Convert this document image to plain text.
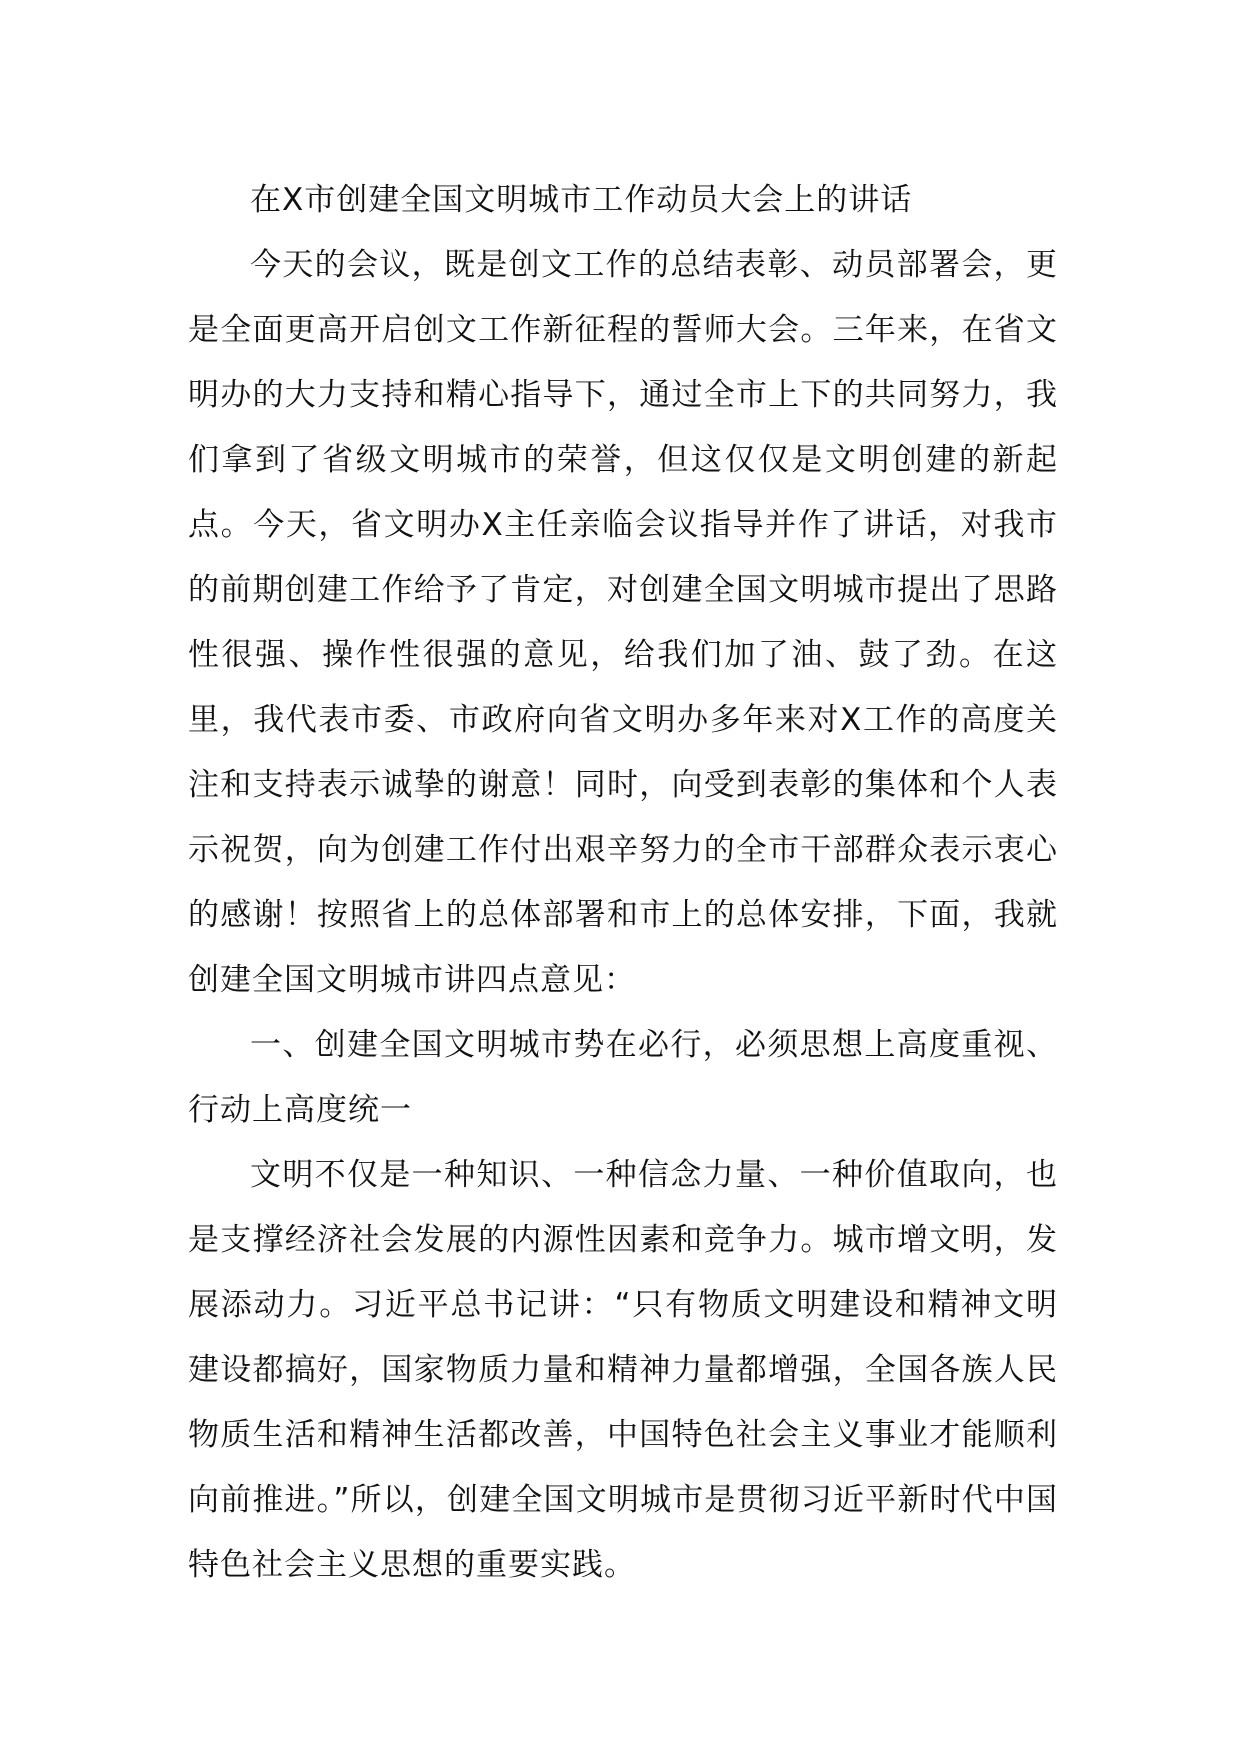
在X市创建全国文明城市工作动员大会上的讲话

今天的会议，既是创文工作的总结表彰、动员部署会，更是全面更高开启创文工作新征程的誓师大会。三年来，在省文明办的大力支持和精心指导下，通过全市上下的共同努力，我们拿到了省级文明城市的荣誉，但这仅仅是文明创建的新起点。今天，省文明办X主任亲临会议指导并作了讲话，对我市的前期创建工作给予了肯定，对创建全国文明城市提出了思路性很强、操作性很强的意见，给我们加了油、鼓了劲。在这里，我代表市委、市政府向省文明办多年来对X工作的高度关注和支持表示诚挚的谢意！同时，向受到表彰的集体和个人表示祝贺，向为创建工作付出艰辛努力的全市干部群众表示衷心的感谢！按照省上的总体部署和市上的总体安排，下面，我就创建全国文明城市讲四点意见：

一、创建全国文明城市势在必行，必须思想上高度重视、行动上高度统一

文明不仅是一种知识、一种信念力量、一种价值取向，也是支撑经济社会发展的内源性因素和竞争力。城市增文明，发展添动力。习近平总书记讲：“只有物质文明建设和精神文明建设都搞好，国家物质力量和精神力量都增强，全国各族人民物质生活和精神生活都改善，中国特色社会主义事业才能顺利向前推进。”所以，创建全国文明城市是贯彻习近平新时代中国特色社会主义思想的重要实践。
